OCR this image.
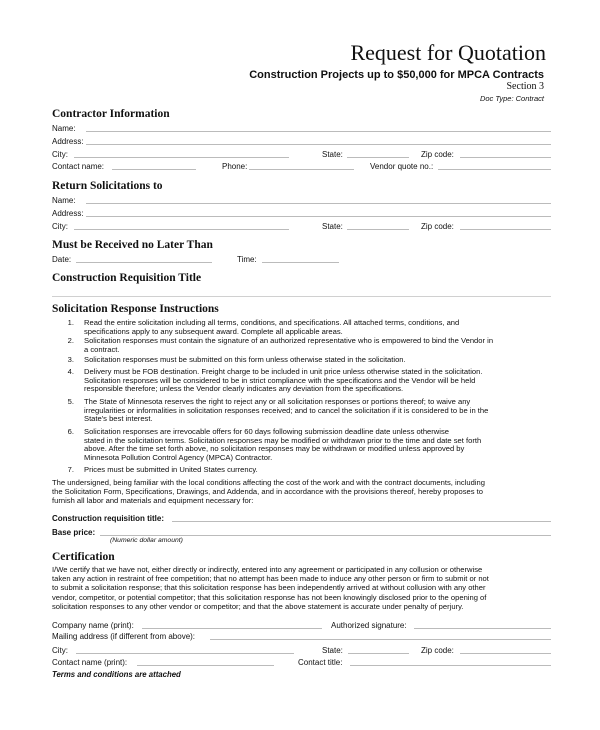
Request for Quotation
Construction Projects up to $50,000 for MPCA Contracts
Section 3
Doc Type: Contract
Contractor Information
Name:
Address:
City:	State:	Zip code:
Contact name:	Phone:	Vendor quote no.:
Return Solicitations to
Name:
Address:
City:	State:	Zip code:
Must be Received no Later Than
Date:	Time:
Construction Requisition Title
Solicitation Response Instructions
1. Read the entire solicitation including all terms, conditions, and specifications. All attached terms, conditions, and
specifications apply to any subsequent award. Complete all applicable areas.
2. Solicitation responses must contain the signature of an authorized representative who is empowered to bind the Vendor in
a contract.
3. Solicitation responses must be submitted on this form unless otherwise stated in the solicitation.
4. Delivery must be FOB destination. Freight charge to be included in unit price unless otherwise stated in the solicitation.
Solicitation responses will be considered to be in strict compliance with the specifications and the Vendor will be held
responsible therefore; unless the Vendor clearly indicates any deviation from the specifications.
5. The State of Minnesota reserves the right to reject any or all solicitation responses or portions thereof; to waive any
irregularities or informalities in solicitation responses received; and to cancel the solicitation if it is considered to be in the
State's best interest.
6. Solicitation responses are irrevocable offers for 60 days following submission deadline date unless otherwise
stated in the solicitation terms. Solicitation responses may be modified or withdrawn prior to the time and date set forth
above. After the time set forth above, no solicitation responses may be withdrawn or modified unless approved by
Minnesota Pollution Control Agency (MPCA) Contractor.
7. Prices must be submitted in United States currency.
The undersigned, being familiar with the local conditions affecting the cost of the work and with the contract documents, including
the Solicitation Form, Specifications, Drawings, and Addenda, and in accordance with the provisions thereof, hereby proposes to
furnish all labor and materials and equipment necessary for:
Construction requisition title:
Base price:
(Numeric dollar amount)
Certification
I/We certify that we have not, either directly or indirectly, entered into any agreement or participated in any collusion or otherwise
taken any action in restraint of free competition; that no attempt has been made to induce any other person or firm to submit or not
to submit a solicitation response; that this solicitation response has been independently arrived at without collusion with any other
vendor, competitor, or potential competitor; that this solicitation response has not been knowingly disclosed prior to the opening of
solicitation responses to any other vendor or competitor; and that the above statement is accurate under penalty of perjury.
Company name (print):	Authorized signature:
Mailing address (if different from above):
City:	State:	Zip code:
Contact name (print):	Contact title:
Terms and conditions are attached
